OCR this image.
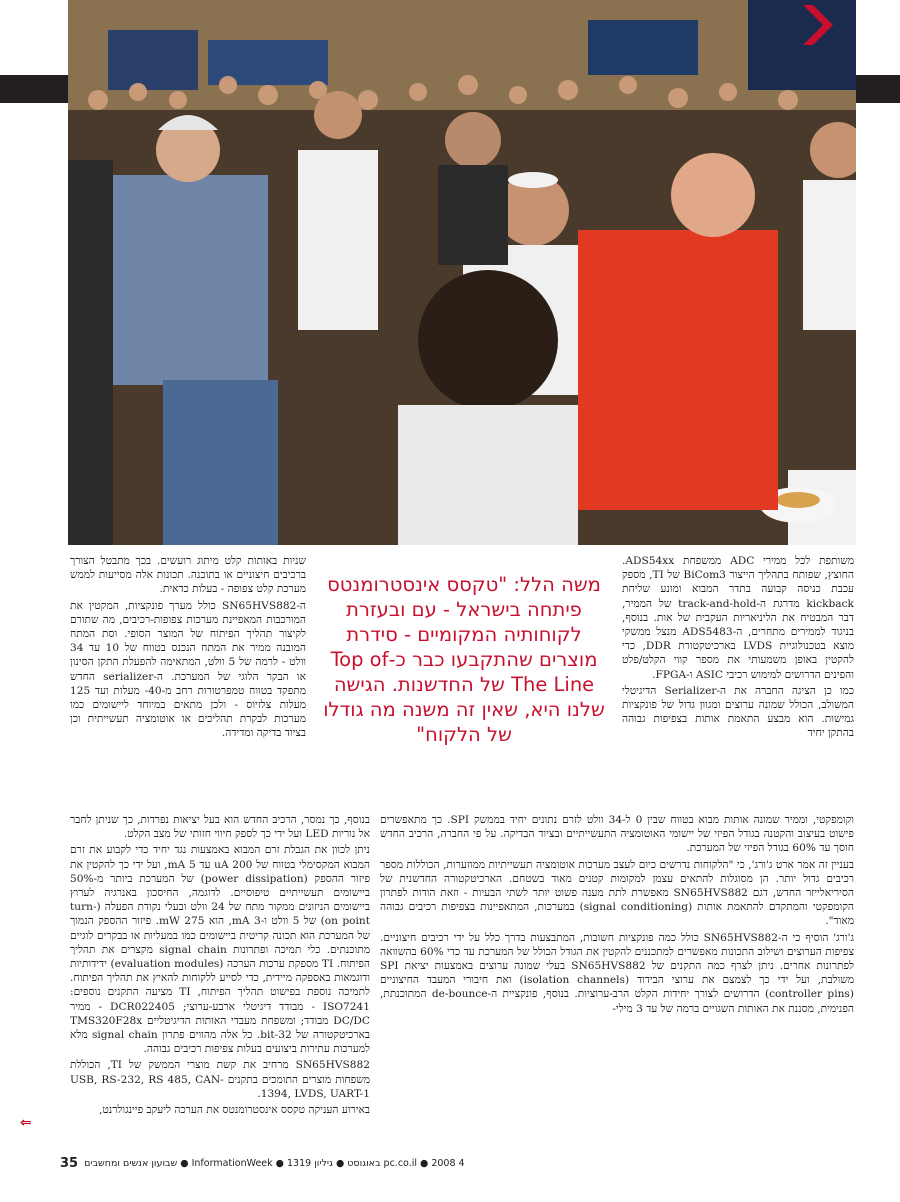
משה הלל: "טקסס אינסטרומנטס פיתחה בישראל - עם ובעזרת לקוחותיה המקומיים - סידרת מוצרים שהתקבעו כבר כ-Top of The Line של החדשנות. הגישה שלנו היא, שאין זה משנה מה גודלו של הלקוח"

משותפת לכל ממירי ADC ממשפחת ADS54xx. החוצץ, שפותח בתהליך הייצור BiCom3 של TI, מספק עכבת כניסה קבועה בתדר המבוא ומונע שליחת kickback מדרגת ה-track-and-hold של הממיר, דבר המבטיח את הליניאריות העקבית של אות. בנוסף, בניגוד לממירים מתחרים, ה-ADS5483 מנצל ממשקי מוצא בטכנולוגיית LVDS בארכיטקטורת DDR, כדי להקטין באופן משמעותי את מספר קווי הקלט/פלט והפינים הדרושים למימוש רכיבי ASIC ו-FPGA.

כמו כן הציגה החברה את ה-Serializer הדיגיטלי המשולב, הכולל שמונה ערוצים ומגוון גדול של פונקציות גמישות. הוא מבצע התאמת אותות בצפיפות גבוהה בהתקן יחיד

שניות באותות קלט מיתוג רועשים. בכך מתבטל הצורך ברכיבים חיצוניים או בתוכנה. תכונות אלה מסייעות לממש מערכת קלט צפופה - בעלות כדאית.

ה-SN65HVS882 כולל מערך פונקציות, המקטין את המורכבות המאפיינת מערכות צפופות-רכיבים, מה שתורם לקיצור תהליך הפיתוח של המוצר הסופי. וסת המתח המובנה ממיר את המתח הנכנס בטווח של 10 עד 34 וולט - לרמה של 5 וולט, המתאימה להפעלת התקן הסינון או הבקר הלוגי של המערכת. ה-serializer החדש מתפקד בטווח טמפרטורות רחב מ-40- מעלות ועד 125 מעלות צלזיוס - ולכן מתאים במיוחד ליישומים כמו מערכות לבקרת תהליכים או אוטומציה תעשייתית וכן בציוד בדיקה ומדידה.

וקומפקטי, וממיר שמונה אותות מבוא בטווח שבין 0 ל-34 וולט לזרם נתונים יחיד בממשק SPI. כך מתאפשרים פישוט בעיצוב והקטנה בגודל הפיזי של יישומי האוטומציה התעשייתיים ובציוד הבדיקה. על פי החברה, הרכיב החדש חוסך עד 60% בגודל הפיזי של המערכת.

בעניין זה אמר ארט ג'ורג', כי "הלקוחות נדרשים כיום לעצב מערכות אוטומציה תעשייתיות ממוזערות, הכוללות מספר רכיבים גדול יותר. הן מסוגלות להתאים עצמן למקומות קטנים מאוד בשטחם. הארכיטקטורה החדשנית של הסיריאלייזר החדש, דגם SN65HVS882 מאפשרת לתת מענה פשוט יותר לשתי הבעיות - וזאת הודות לפתרון הקומפקטי והמתקדם להתאמת אותות (signal conditioning) במערכות, המתאפיינות בצפיפות רכיבים גבוהה מאוד".

ג'ורג' הוסיף כי ה-SN65HVS882 כולל כמה פונקציות חשובות, המתבצעות בדרך כלל על ידי רכיבים חיצוניים. צפיפות הערוצים ושילוב התכונות מאפשרים למתכננים להקטין את הגודל הכולל של המערכת עד כדי 60% בהשוואה לפתרונות אחרים. ניתן לצרף כמה התקנים של SN65HVS882 בעלי שמונה ערוצים באמצעות יציאת SPI משולבת, ועל ידי כך לצמצם את ערוצי הבידוד (isolation channels) ואת חיבורי המעבד החיצוניים (controller pins) הדרושים לצורך יחידות הקלט הרב-ערוציות. בנוסף, פונקציית ה-de-bounce המתוכנתת, הפנימית, מסננת את האותות השגויים ברמה של עד 3 מילי-

בנוסף, כך נמסר, הרכיב החדש הוא בעל יציאות נפרדות, כך שניתן לחבר אל נוריות LED ועל ידי כך לספק חיווי חזותי של מצב הקלט.

ניתן לכוון את הגבלת זרם המבוא באמצעות נגד יחיד כדי לקבוע את זרם המבוא המקסימלי בטווח של 200 uA עד 5 mA, ועל ידי כך להקטין את פיזור ההספק (power dissipation) של המערכת ביותר מ-50% ביישומים תעשייתיים טיפוסיים. לדוגמה, החיסכון באנרגיה לערוץ ביישומים הניזונים ממקור מתח של 24 וולט ובעלי נקודת הפעלה (turn-on point) של 5 וולט ו-3 mA, הוא 275 mW. פיזור ההספק הנמוך של המערכת הוא תכונה קריטית ביישומים כמו במעליות או בבקרים לוגיים מתוכנתים. כלי תמיכה ופתרונות signal chain מקצרים את תהליך הפיתוח. TI מספקת ערכות הערכה (evaluation modules) ידידותיות ודוגמאות באספקה מיידית, כדי לסייע ללקוחות להאיץ את תהליך הפיתוח. לתמיכה נוספת בפישוט תהליך הפיתוח, TI מציעה התקנים נוספים: ISO7241 - מבודד דיגיטלי ארבע-ערוצי; DCR022405 - ממיר DC/DC מבודד; ומשפחת מעבדי האותות הדיגיטליים TMS320F28x בארכיטקטורה של 32-bit. כל אלה מהווים פתרון signal chain מלא למערכות עתירות ביצועים בעלות צפיפות רכיבים גבוהה.

SN65HVS882 מרחיב את קשת מוצרי הממשק של TI, הכוללת משפחות מוצרים התומכים בתקנים USB, RS-232, RS 485, CAN-1394, LVDS, UART-1.

באירוע העניקה טקסס אינסטרומנטס את הערכה ליעקב פיינגולרנט,

⇐
35 pc.co.il ● 2008 4 באוגוסט ● גיליון 1319 ● InformationWeek ● שבועון אנשים ומחשבים
